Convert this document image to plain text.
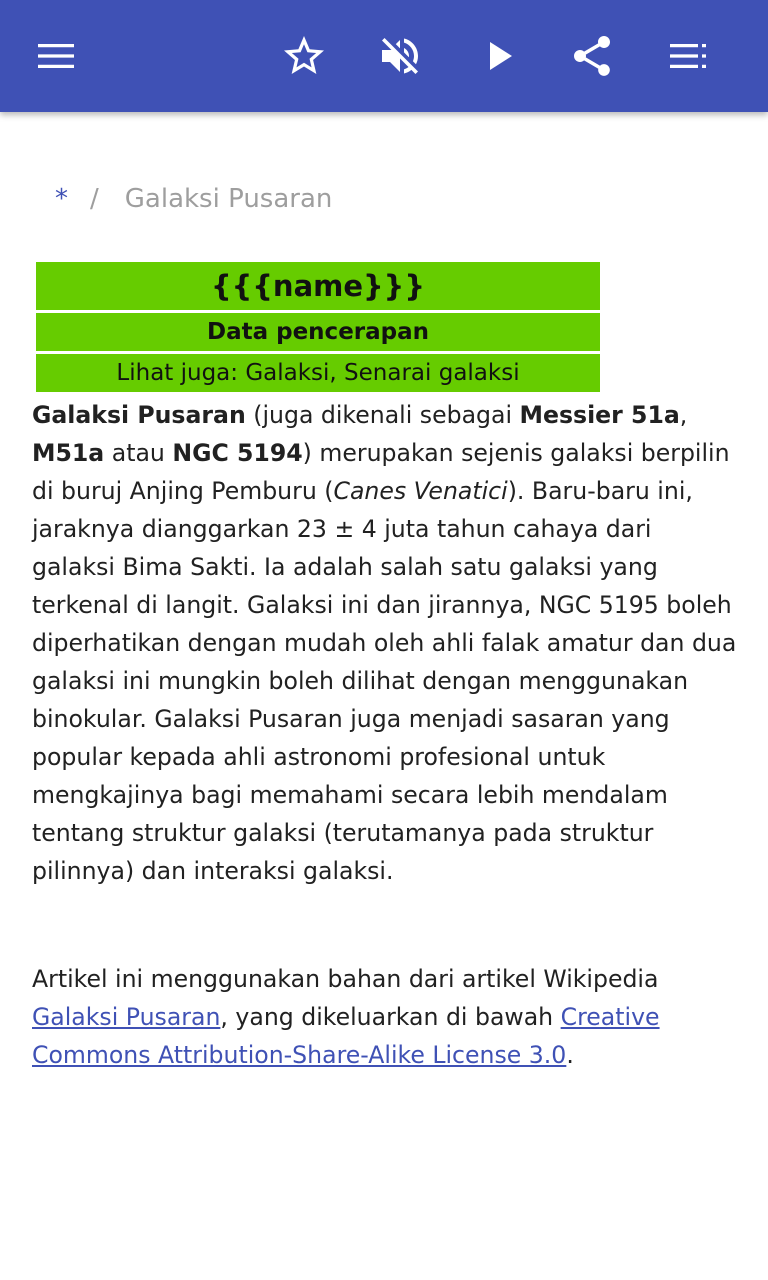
* / Galaksi Pusaran
{{{name}}}
Data pencerapan
Lihat juga: Galaksi, Senarai galaksi

Galaksi Pusaran (juga dikenali sebagai Messier 51a, M51a atau NGC 5194) merupakan sejenis galaksi berpilin di buruj Anjing Pemburu (Canes Venatici). Baru-baru ini, jaraknya dianggarkan 23 ± 4 juta tahun cahaya dari galaksi Bima Sakti. Ia adalah salah satu galaksi yang terkenal di langit. Galaksi ini dan jirannya, NGC 5195 boleh diperhatikan dengan mudah oleh ahli falak amatur dan dua galaksi ini mungkin boleh dilihat dengan menggunakan binokular. Galaksi Pusaran juga menjadi sasaran yang popular kepada ahli astronomi profesional untuk mengkajinya bagi memahami secara lebih mendalam tentang struktur galaksi (terutamanya pada struktur pilinnya) dan interaksi galaksi.

Artikel ini menggunakan bahan dari artikel Wikipedia Galaksi Pusaran, yang dikeluarkan di bawah Creative Commons Attribution-Share-Alike License 3.0.
